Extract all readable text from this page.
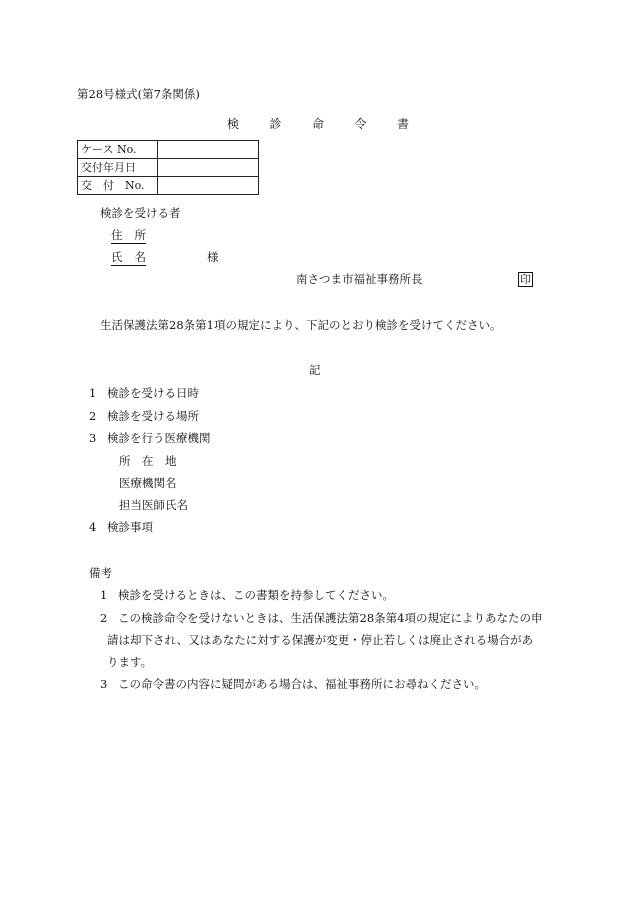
第28号様式(第7条関係)
検	診	命	令	書
ケース No.	
交付年月日	
交　付　No.	
検診を受ける者
住 所
氏 名	様
南さつま市福祉事務所長	印
生活保護法第28条第1項の規定により、下記のとおり検診を受けてください。
記
1 検診を受ける日時
2 検診を受ける場所
3 検診を行う医療機関
所　在　地
医療機関名
担当医師氏名
4 検診事項
備考
1 検診を受けるときは、この書類を持参してください。
2 この検診命令を受けないときは、生活保護法第28条第4項の規定によりあなたの申
請は却下され、又はあなたに対する保護が変更・停止若しくは廃止される場合があ
ります。
3 この命令書の内容に疑問がある場合は、福祉事務所にお尋ねください。
